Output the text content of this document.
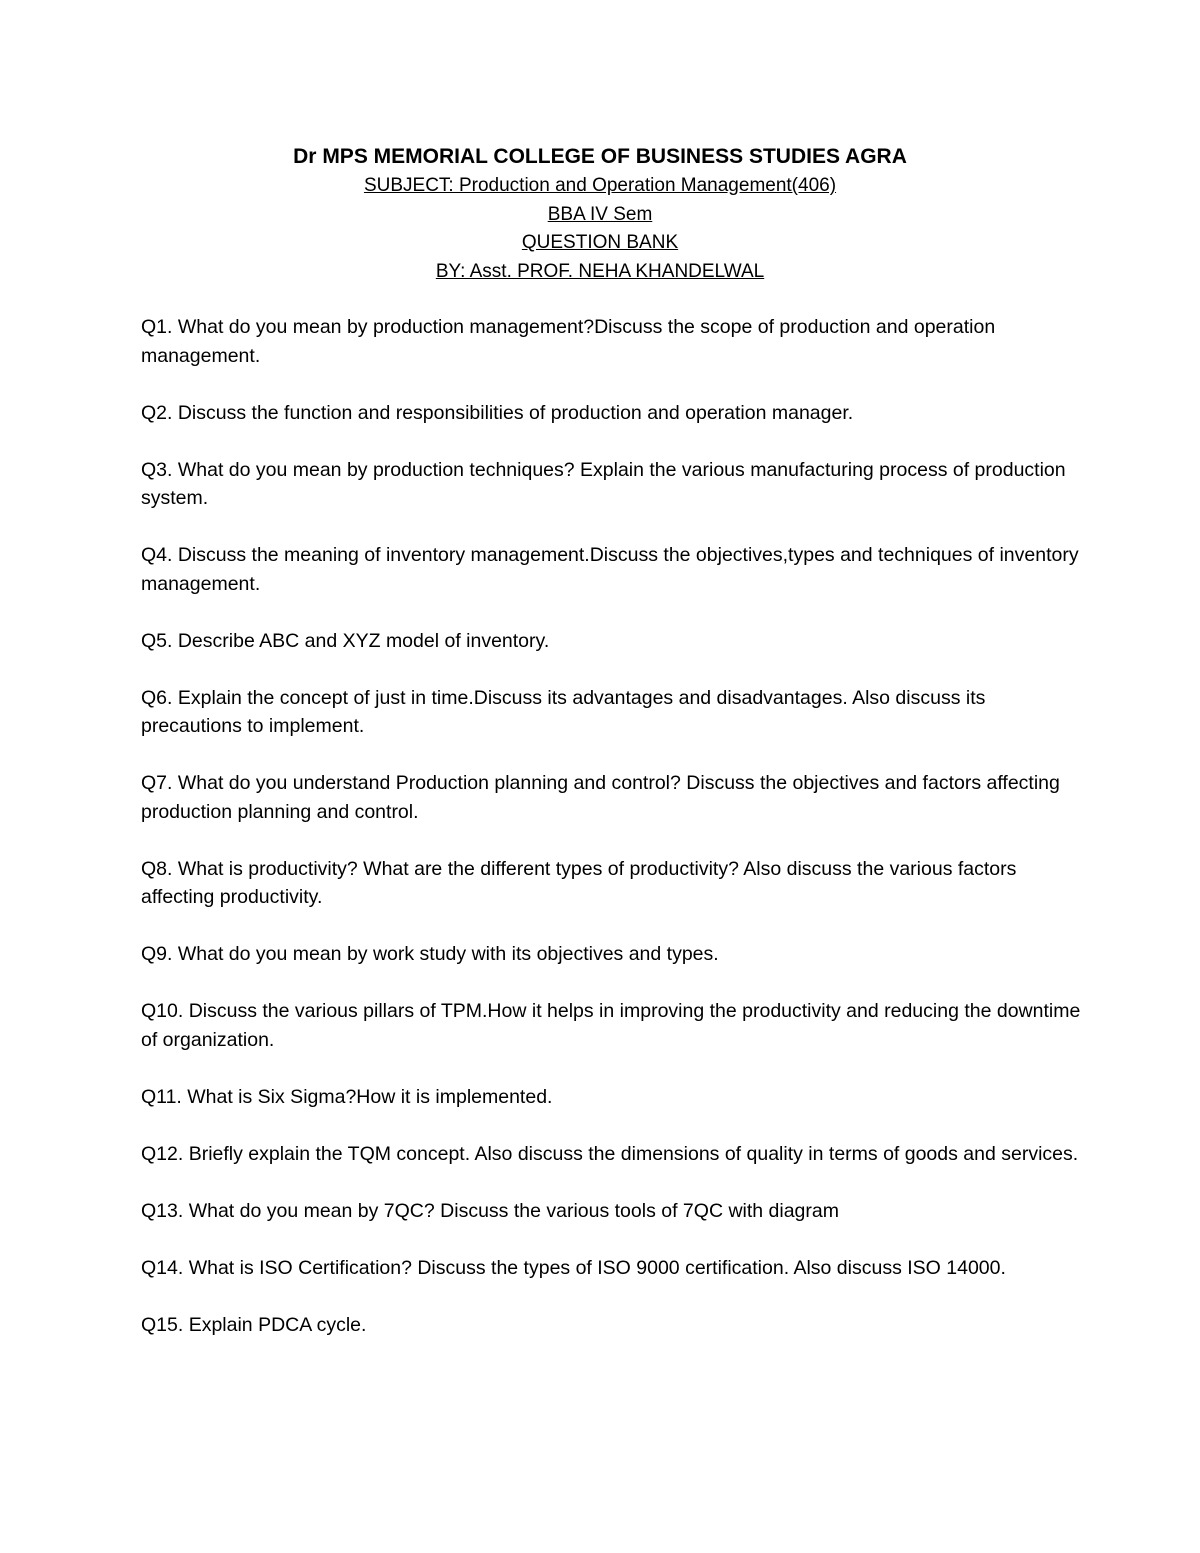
Dr MPS MEMORIAL COLLEGE OF BUSINESS STUDIES AGRA

SUBJECT: Production and Operation Management(406)

BBA IV Sem

QUESTION BANK

BY: Asst. PROF. NEHA KHANDELWAL

Q1. What do you mean by production management?Discuss the scope of production and operation management.

Q2. Discuss the function and responsibilities of production and operation manager.

Q3. What do you mean by production techniques? Explain the various manufacturing process of production system.

Q4. Discuss the meaning of inventory management.Discuss the objectives,types and techniques of inventory management.

Q5. Describe ABC and XYZ model of inventory.

Q6. Explain the concept of just in time.Discuss its advantages and disadvantages. Also discuss its precautions to implement.

Q7. What do you understand Production planning and control? Discuss the objectives and factors affecting production planning and control.

Q8. What is productivity? What are the different types of productivity? Also discuss the various factors affecting productivity.

Q9. What do you mean by work study with its objectives and types.

Q10. Discuss the various pillars of TPM.How it helps in improving the productivity and reducing the downtime of organization.

Q11. What is Six Sigma?How it is implemented.

Q12. Briefly explain the TQM concept. Also discuss the dimensions of quality in terms of goods and services.

Q13. What do you mean by 7QC? Discuss the various tools of 7QC with diagram

Q14. What is ISO Certification? Discuss the types of ISO 9000 certification. Also discuss ISO 14000.

Q15. Explain PDCA cycle.
